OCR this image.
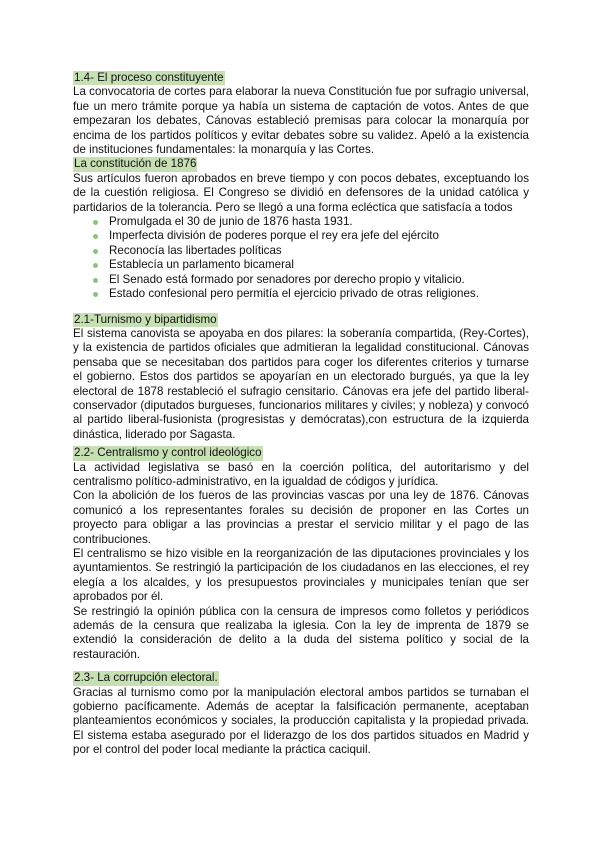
1.4- El proceso constituyente

La convocatoria de cortes para elaborar la nueva Constitución fue por sufragio universal, fue un mero trámite porque ya había un sistema de captación de votos. Antes de que empezaran los debates, Cánovas estableció premisas para colocar la monarquía por encima de los partidos políticos y evitar debates sobre su validez. Apeló a la existencia de instituciones fundamentales: la monarquía y las Cortes.

La constitución de 1876

Sus artículos fueron aprobados en breve tiempo y con pocos debates, exceptuando los de la cuestión religiosa. El Congreso se dividió en defensores de la unidad católica y partidarios de la tolerancia. Pero se llegó a una forma ecléctica que satisfacía a todos

Promulgada el 30 de junio de 1876 hasta 1931.
Imperfecta división de poderes porque el rey era jefe del ejército
Reconocía las libertades políticas
Establecía un parlamento bicameral
El Senado está formado por senadores por derecho propio y vitalicio.
Estado confesional pero permitía el ejercicio privado de otras religiones.
2.1-Turnismo y bipartidismo

El sistema canovista se apoyaba en dos pilares: la soberanía compartida, (Rey-Cortes), y la existencia de partidos oficiales que admitieran la legalidad constitucional. Cánovas pensaba que se necesitaban dos partidos para coger los diferentes criterios y turnarse el gobierno. Estos dos partidos se apoyarían en un electorado burgués, ya que la ley electoral de 1878 restableció el sufragio censitario. Cánovas era jefe del partido liberal-conservador (diputados burgueses, funcionarios militares y civiles; y nobleza) y convocó al partido liberal-fusionista (progresistas y demócratas),con estructura de la izquierda dinástica, liderado por Sagasta.

2.2- Centralismo y control ideológico

La actividad legislativa se basó en la coerción política, del autoritarismo y del centralismo político-administrativo, en la igualdad de códigos y jurídica.

Con la abolición de los fueros de las provincias vascas por una ley de 1876. Cánovas comunicó a los representantes forales su decisión de proponer en las Cortes un proyecto para obligar a las provincias a prestar el servicio militar y el pago de las contribuciones.

El centralismo se hizo visible en la reorganización de las diputaciones provinciales y los ayuntamientos. Se restringió la participación de los ciudadanos en las elecciones, el rey elegía a los alcaldes, y los presupuestos provinciales y municipales tenían que ser aprobados por él.

Se restringió la opinión pública con la censura de impresos como folletos y periódicos además de la censura que realizaba la iglesia. Con la ley de imprenta de 1879 se extendió la consideración de delito a la duda del sistema político y social de la restauración.

2.3- La corrupción electoral.

Gracias al turnismo como por la manipulación electoral ambos partidos se turnaban el gobierno pacíficamente. Además de aceptar la falsificación permanente, aceptaban planteamientos económicos y sociales, la producción capitalista y la propiedad privada. El sistema estaba asegurado por el liderazgo de los dos partidos situados en Madrid y por el control del poder local mediante la práctica caciquil.
